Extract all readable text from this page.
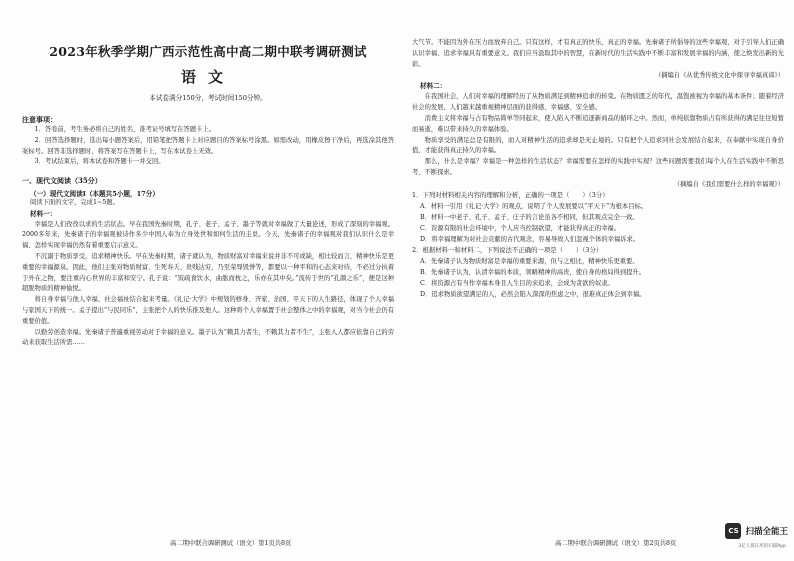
2023年秋季学期广西示范性高中高二期中联考调研测试
语文
本试卷满分150分，考试时间150分钟。
注意事项：
1．答卷前，考生务必将自己的姓名、准考证号填写在答题卡上。
2．回答选择题时，选出每小题答案后，用铅笔把答题卡上对应题目的答案标号涂黑。如需改动，用橡皮擦干净后，再选涂其他答案标号。回答非选择题时，将答案写在答题卡上，写在本试卷上无效。
3．考试结束后，将本试卷和答题卡一并交回。
一、现代文阅读（35分）
（一）现代文阅读Ⅰ（本题共5小题，17分）
阅读下面的文字，完成1~5题。
材料一：
幸福是人们孜孜以求的生活状态。早在我国先秦时期，孔子、老子、孟子、墨子等就对幸福做了大量论述，形成了深刻的幸福观。2000多年来，先秦诸子的幸福观被诗作多少中国人奉为立身处世和如何生活的圭臬。今天，先秦诸子的幸福观对我们认识什么是幸福、怎样实现幸福仍然有着重要启示意义。
不沉溺于物质享受，追求精神快乐。早在先秦时期，诸子就认为，物质财富对幸福来说并非不可或缺，相比较而言，精神快乐是更重要的幸福源泉。因此，他们主张对物质财富、生死寿夭、贵贱达穷，乃至荣辱毁誉等，都要以一种平和的心态来对待，不必过分执着于外在之物，要注重内心世界的丰富和安宁。孔子说：“饭疏食饮水，曲肱而枕之，乐亦在其中矣。”流传于世的“孔颜之乐”，便是这种超脱物质的精神愉悦。
将自身幸福与他人幸福、社会福祉结合起来考量。《礼记·大学》中规划的修身、齐家、治国、平天下的人生路径，体现了个人幸福与家国天下的统一。孟子提出“与民同乐”，主张把个人的快乐推及他人。这种将个人幸福置于社会整体之中的幸福观，对当今社会仍有重要价值。
以勤劳创造幸福。先秦诸子普遍重视劳动对于幸福的意义。墨子认为“赖其力者生，不赖其力者不生”，主张人人都应依靠自己的劳动来获取生活所需……
大气节。不能因为外在压力而放弃自己。只有这样，才有真正的快乐，真正的幸福。先秦诸子所倡导的这些幸福观，对于引导人们正确认识幸福、追求幸福具有重要意义。我们应当汲取其中的智慧，在新时代的生活实践中不断丰富和发展幸福的内涵，使之焕发出新的光彩。
（摘编自《从优秀传统文化中探寻幸福真谛》）
材料二：
在我国社会，人们对幸福的理解经历了从物质满足到精神追求的转变。在物质匮乏的年代，温饱被视为幸福的基本条件；随着经济社会的发展，人们越来越重视精神层面的获得感、幸福感、安全感。
消费主义将幸福与占有物品简单等同起来，使人陷入不断追逐新商品的循环之中。然而，单纯依靠物质占有所获得的满足往往短暂而易逝，难以带来持久的幸福体验。
物质享受的满足总是有限的，而人对精神生活的追求却是无止境的。只有把个人追求同社会发展结合起来，在奉献中实现自身价值，才能获得真正持久的幸福。
那么，什么是幸福？幸福是一种怎样的生活状态？幸福需要在怎样的实践中实现？这些问题需要我们每个人在生活实践中不断思考、不断探索。
（摘编自《我们需要什么样的幸福观》）
1．下列对材料相关内容的理解和分析，正确的一项是（　　）（3分）
A．材料一引用《礼记·大学》的观点，说明了个人发展要以“平天下”为根本目标。
B．材料一中老子、孔子、孟子、庄子的言论虽各不相同，但其观点完全一致。
C．资源有限的社会环境中，个人应当控制欲望，才能获得真正的幸福。
D．将幸福理解为对社会贡献的古代观念，容易导致人们忽视个体的幸福诉求。
2．根据材料一和材料二，下列说法不正确的一项是（　　）（3分）
A．先秦诸子认为物质财富是幸福的重要来源，但与之相比，精神快乐更重要。
B．先秦诸子认为，认清幸福的本质，领略精神的高贵，使自身的格局得到提升。
C．将资源占有当作幸福本身且人生目的来追求，会成为贪欲的奴隶。
D．追求物质欲望满足的人，必然会陷入深深的焦虑之中，很难真正体会到幸福。
高二期中联合调研测试（语文）第1页共8页	高二期中联合调研测试（语文）第2页共8页
CS 扫描全能王
3亿人都在用的扫描App
